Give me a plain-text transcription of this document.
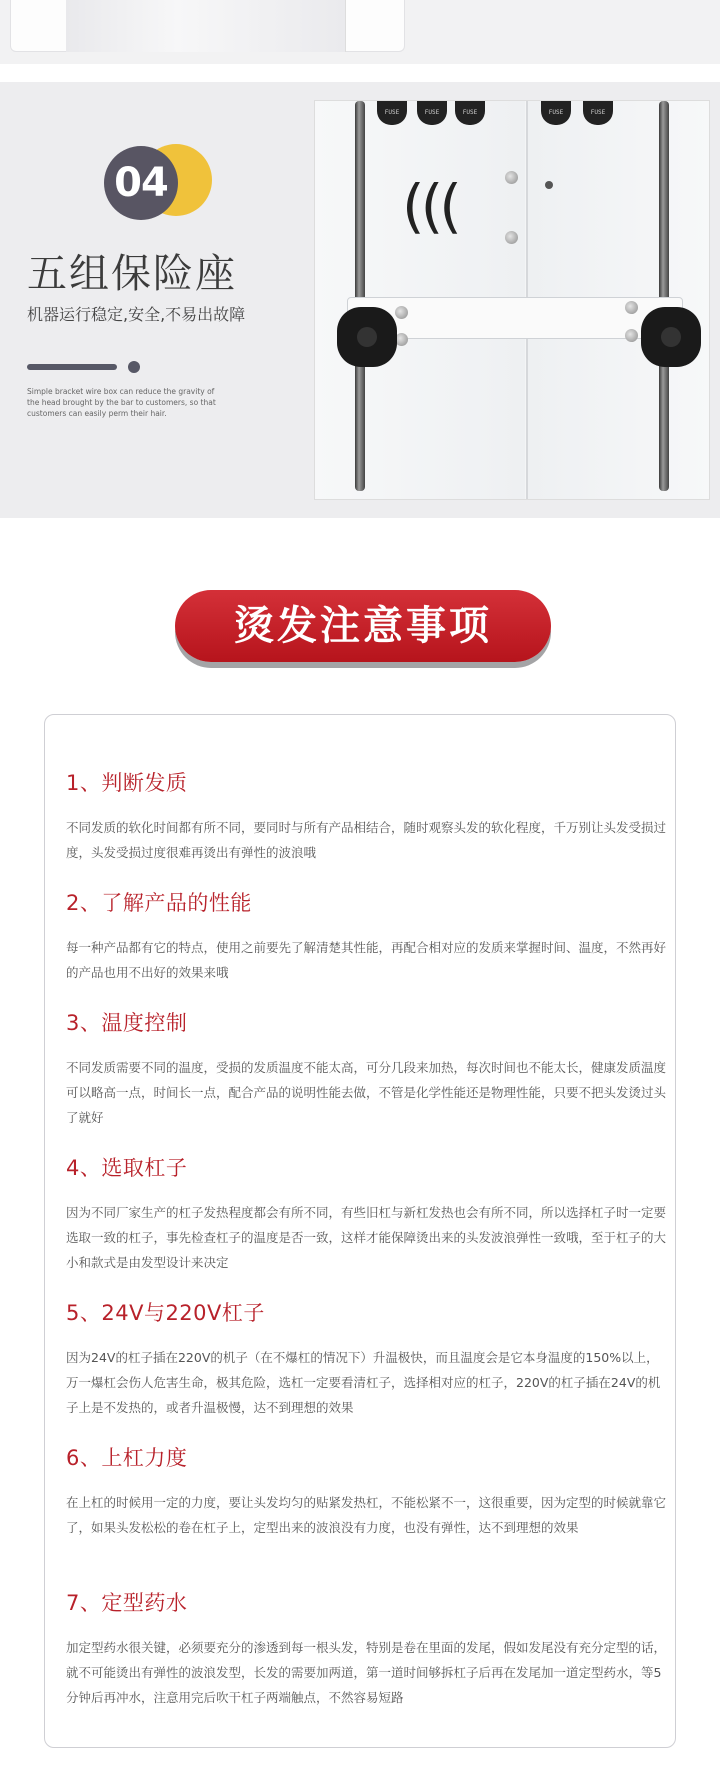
04
五组保险座
机器运行稳定,安全,不易出故障
Simple bracket wire box can reduce the gravity of the head brought by the bar to customers, so that customers can easily perm their hair.
FUSE	FUSE	FUSE	FUSE	FUSE
(((
烫发注意事项
1、判断发质

不同发质的软化时间都有所不同，要同时与所有产品相结合，随时观察头发的软化程度，千万别让头发受损过度，头发受损过度很难再烫出有弹性的波浪哦

2、了解产品的性能

每一种产品都有它的特点，使用之前要先了解清楚其性能，再配合相对应的发质来掌握时间、温度，不然再好的产品也用不出好的效果来哦

3、温度控制

不同发质需要不同的温度，受损的发质温度不能太高，可分几段来加热，每次时间也不能太长，健康发质温度可以略高一点，时间长一点，配合产品的说明性能去做，不管是化学性能还是物理性能，只要不把头发烫过头了就好

4、选取杠子

因为不同厂家生产的杠子发热程度都会有所不同，有些旧杠与新杠发热也会有所不同，所以选择杠子时一定要选取一致的杠子，事先检查杠子的温度是否一致，这样才能保障烫出来的头发波浪弹性一致哦，至于杠子的大小和款式是由发型设计来决定

5、24V与220V杠子

因为24V的杠子插在220V的机子（在不爆杠的情况下）升温极快，而且温度会是它本身温度的150%以上，万一爆杠会伤人危害生命，极其危险，选杠一定要看清杠子，选择相对应的杠子，220V的杠子插在24V的机子上是不发热的，或者升温极慢，达不到理想的效果

6、上杠力度

在上杠的时候用一定的力度，要让头发均匀的贴紧发热杠，不能松紧不一，这很重要，因为定型的时候就靠它了，如果头发松松的卷在杠子上，定型出来的波浪没有力度，也没有弹性，达不到理想的效果

7、定型药水

加定型药水很关键，必须要充分的渗透到每一根头发，特别是卷在里面的发尾，假如发尾没有充分定型的话，就不可能烫出有弹性的波浪发型，长发的需要加两道，第一道时间够拆杠子后再在发尾加一道定型药水，等5分钟后再冲水，注意用完后吹干杠子两端触点，不然容易短路
